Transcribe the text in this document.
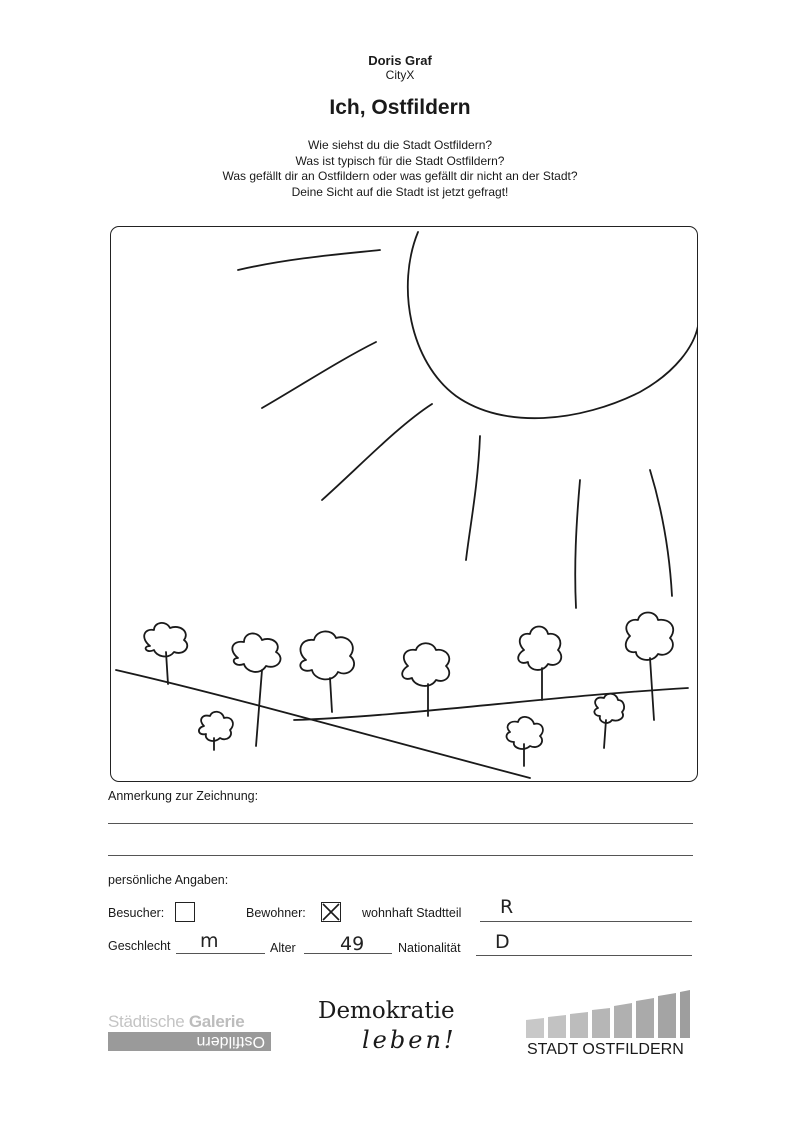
Doris Graf
CityX
Ich, Ostfildern
Wie siehst du die Stadt Ostfildern?
Was ist typisch für die Stadt Ostfildern?
Was gefällt dir an Ostfildern oder was gefällt dir nicht an der Stadt?
Deine Sicht auf die Stadt ist jetzt gefragt!
Anmerkung zur Zeichnung:
persönliche Angaben:
Besucher:	Bewohner:	wohnhaft Stadtteil R
Geschlecht m	Alter 49	Nationalität D
Städtische Galerie
Ostfildern
Demokratie
leben!	STADT OSTFILDERN
